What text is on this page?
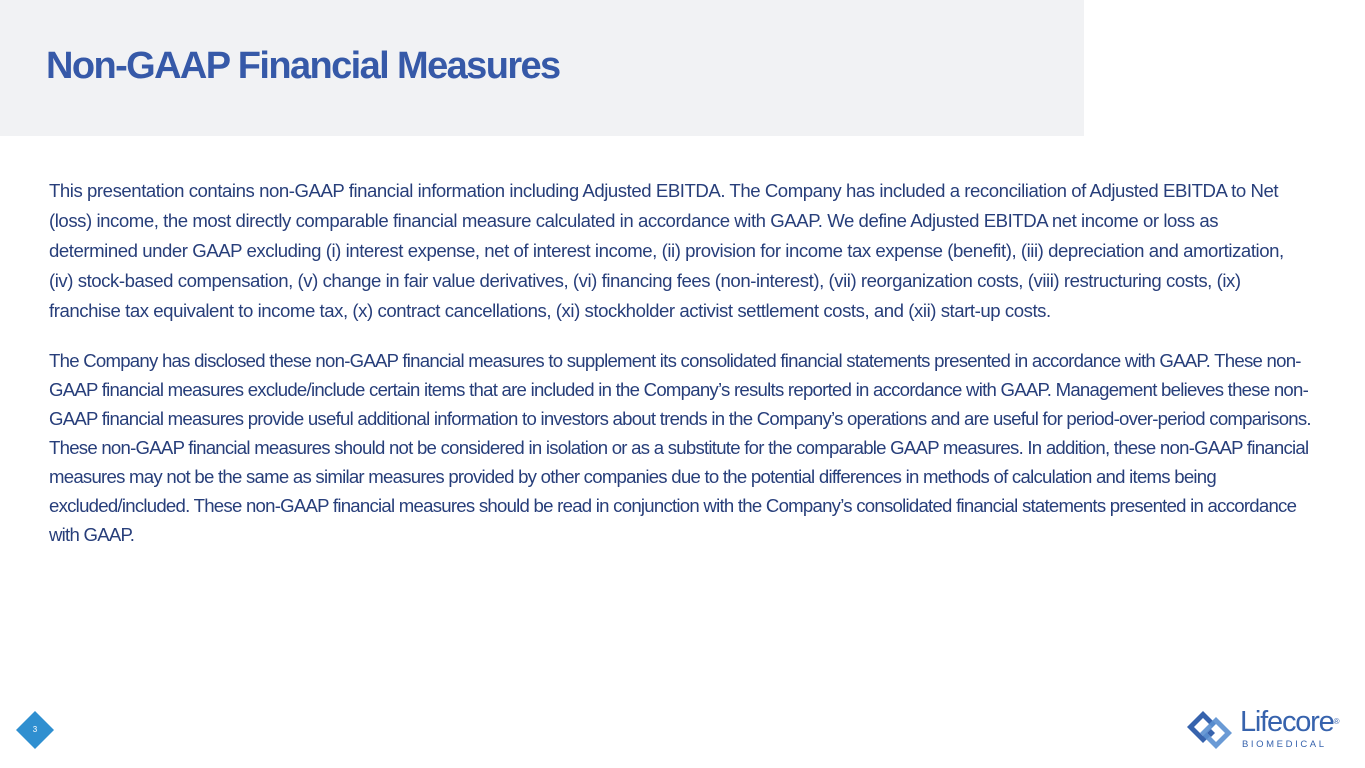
Non-GAAP Financial Measures

This presentation contains non-GAAP financial information including Adjusted EBITDA. The Company has included a reconciliation of Adjusted EBITDA to Net (loss) income, the most directly comparable financial measure calculated in accordance with GAAP. We define Adjusted EBITDA net income or loss as determined under GAAP excluding (i) interest expense, net of interest income, (ii) provision for income tax expense (benefit), (iii) depreciation and amortization, (iv) stock-based compensation, (v) change in fair value derivatives, (vi) financing fees (non-interest), (vii) reorganization costs, (viii) restructuring costs, (ix) franchise tax equivalent to income tax, (x) contract cancellations, (xi) stockholder activist settlement costs, and (xii) start-up costs.

The Company has disclosed these non-GAAP financial measures to supplement its consolidated financial statements presented in accordance with GAAP. These non-GAAP financial measures exclude/include certain items that are included in the Company’s results reported in accordance with GAAP. Management believes these non-GAAP financial measures provide useful additional information to investors about trends in the Company’s operations and are useful for period-over-period comparisons. These non-GAAP financial measures should not be considered in isolation or as a substitute for the comparable GAAP measures. In addition, these non-GAAP financial measures may not be the same as similar measures provided by other companies due to the potential differences in methods of calculation and items being excluded/included. These non-GAAP financial measures should be read in conjunction with the Company’s consolidated financial statements presented in accordance with GAAP.

3	Lifecore®
BIOMEDICAL
